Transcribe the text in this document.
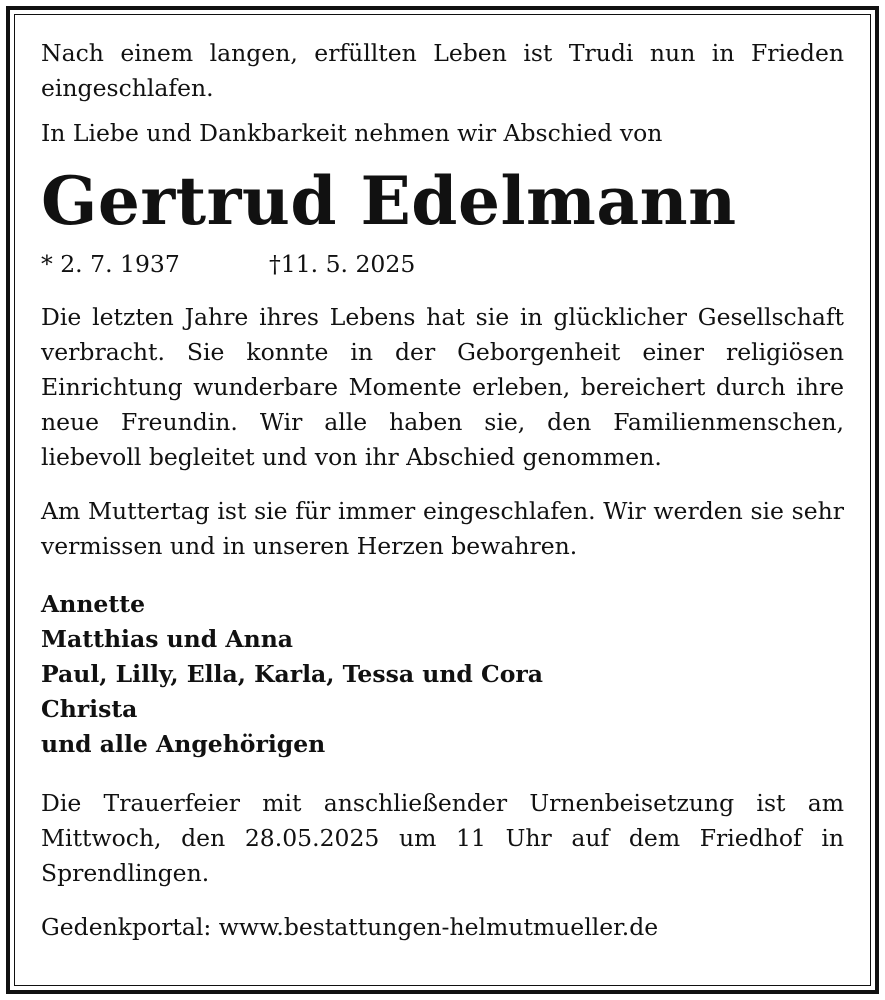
Nach einem langen, erfüllten Leben ist Trudi nun in Frieden eingeschlafen.

In Liebe und Dankbarkeit nehmen wir Abschied von

Gertrud Edelmann
* 2. 7. 1937	†11. 5. 2025

Die letzten Jahre ihres Lebens hat sie in glücklicher Gesellschaft verbracht. Sie konnte in der Geborgenheit einer religiösen Einrichtung wunderbare Momente erleben, bereichert durch ihre neue Freundin. Wir alle haben sie, den Familienmenschen, liebevoll begleitet und von ihr Abschied genommen.

Am Muttertag ist sie für immer eingeschlafen. Wir werden sie sehr vermissen und in unseren Herzen bewahren.

Annette
Matthias und Anna
Paul, Lilly, Ella, Karla, Tessa und Cora
Christa
und alle Angehörigen

Die Trauerfeier mit anschließender Urnenbeisetzung ist am Mittwoch, den 28.05.2025 um 11 Uhr auf dem Friedhof in Sprendlingen.

Gedenkportal: www.bestattungen-helmutmueller.de
